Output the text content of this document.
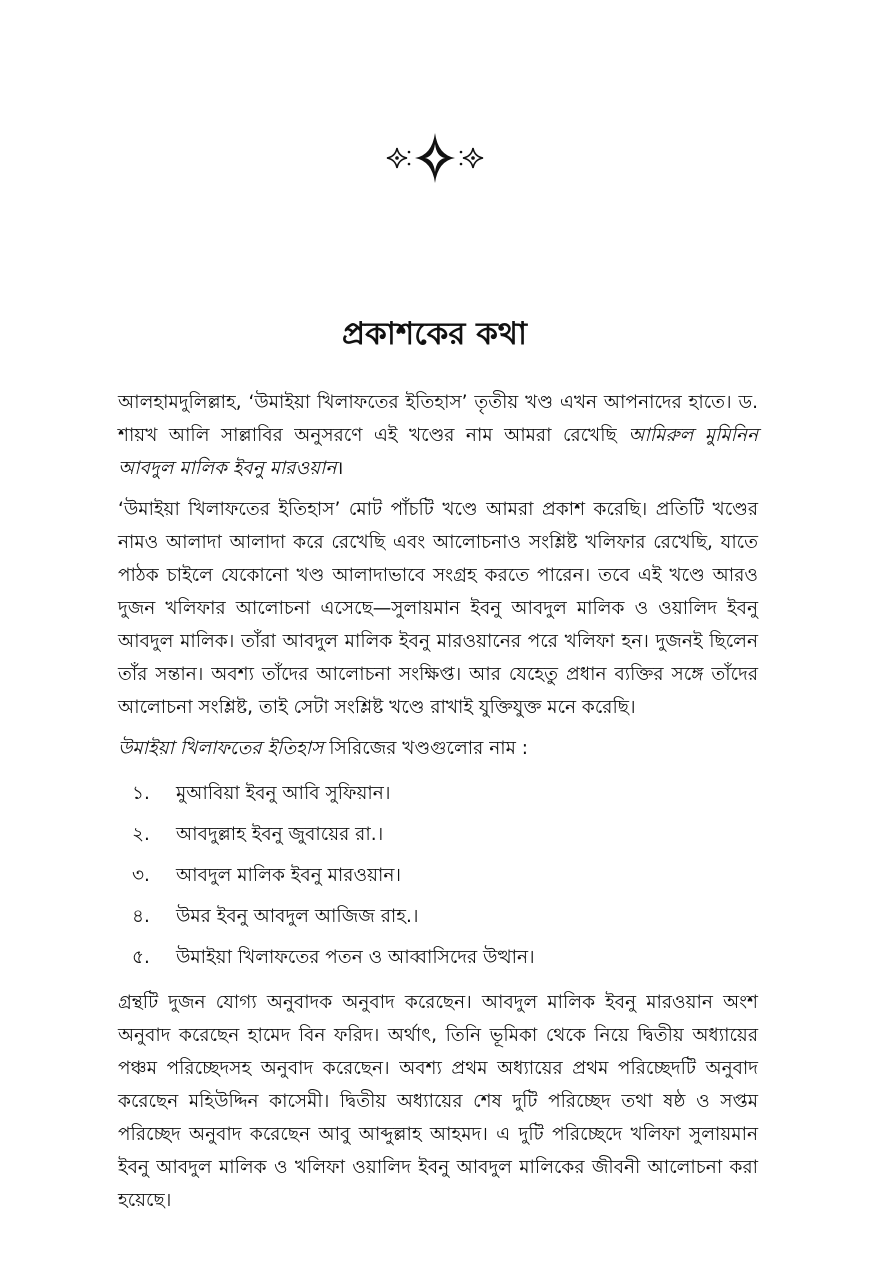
প্রকাশকের কথা

আলহামদুলিল্লাহ, ‘উমাইয়া খিলাফতের ইতিহাস’ তৃতীয় খণ্ড এখন আপনাদের হাতে। ড. শায়খ আলি সাল্লাবির অনুসরণে এই খণ্ডের নাম আমরা রেখেছি আমিরুল মুমিনিন আবদুল মালিক ইবনু মারওয়ান।

‘উমাইয়া খিলাফতের ইতিহাস’ মোট পাঁচটি খণ্ডে আমরা প্রকাশ করেছি। প্রতিটি খণ্ডের নামও আলাদা আলাদা করে রেখেছি এবং আলোচনাও সংশ্লিষ্ট খলিফার রেখেছি, যাতে পাঠক চাইলে যেকোনো খণ্ড আলাদাভাবে সংগ্রহ করতে পারেন। তবে এই খণ্ডে আরও দুজন খলিফার আলোচনা এসেছে—সুলায়মান ইবনু আবদুল মালিক ও ওয়ালিদ ইবনু আবদুল মালিক। তাঁরা আবদুল মালিক ইবনু মারওয়ানের পরে খলিফা হন। দুজনই ছিলেন তাঁর সন্তান। অবশ্য তাঁদের আলোচনা সংক্ষিপ্ত। আর যেহেতু প্রধান ব্যক্তির সঙ্গে তাঁদের আলোচনা সংশ্লিষ্ট, তাই সেটা সংশ্লিষ্ট খণ্ডে রাখাই যুক্তিযুক্ত মনে করেছি।

উমাইয়া খিলাফতের ইতিহাস সিরিজের খণ্ডগুলোর নাম :
১.	মুআবিয়া ইবনু আবি সুফিয়ান।
২.	আবদুল্লাহ ইবনু জুবায়ের রা.।
৩.	আবদুল মালিক ইবনু মারওয়ান।
৪.	উমর ইবনু আবদুল আজিজ রাহ.।
৫.	উমাইয়া খিলাফতের পতন ও আব্বাসিদের উত্থান।

গ্রন্থটি দুজন যোগ্য অনুবাদক অনুবাদ করেছেন। আবদুল মালিক ইবনু মারওয়ান অংশ অনুবাদ করেছেন হামেদ বিন ফরিদ। অর্থাৎ, তিনি ভূমিকা থেকে নিয়ে দ্বিতীয় অধ্যায়ের পঞ্চম পরিচ্ছেদসহ অনুবাদ করেছেন। অবশ্য প্রথম অধ্যায়ের প্রথম পরিচ্ছেদটি অনুবাদ করেছেন মহিউদ্দিন কাসেমী। দ্বিতীয় অধ্যায়ের শেষ দুটি পরিচ্ছেদ তথা ষষ্ঠ ও সপ্তম পরিচ্ছেদ অনুবাদ করেছেন আবু আব্দুল্লাহ আহমদ। এ দুটি পরিচ্ছেদে খলিফা সুলায়মান ইবনু আবদুল মালিক ও খলিফা ওয়ালিদ ইবনু আবদুল মালিকের জীবনী আলোচনা করা হয়েছে।
